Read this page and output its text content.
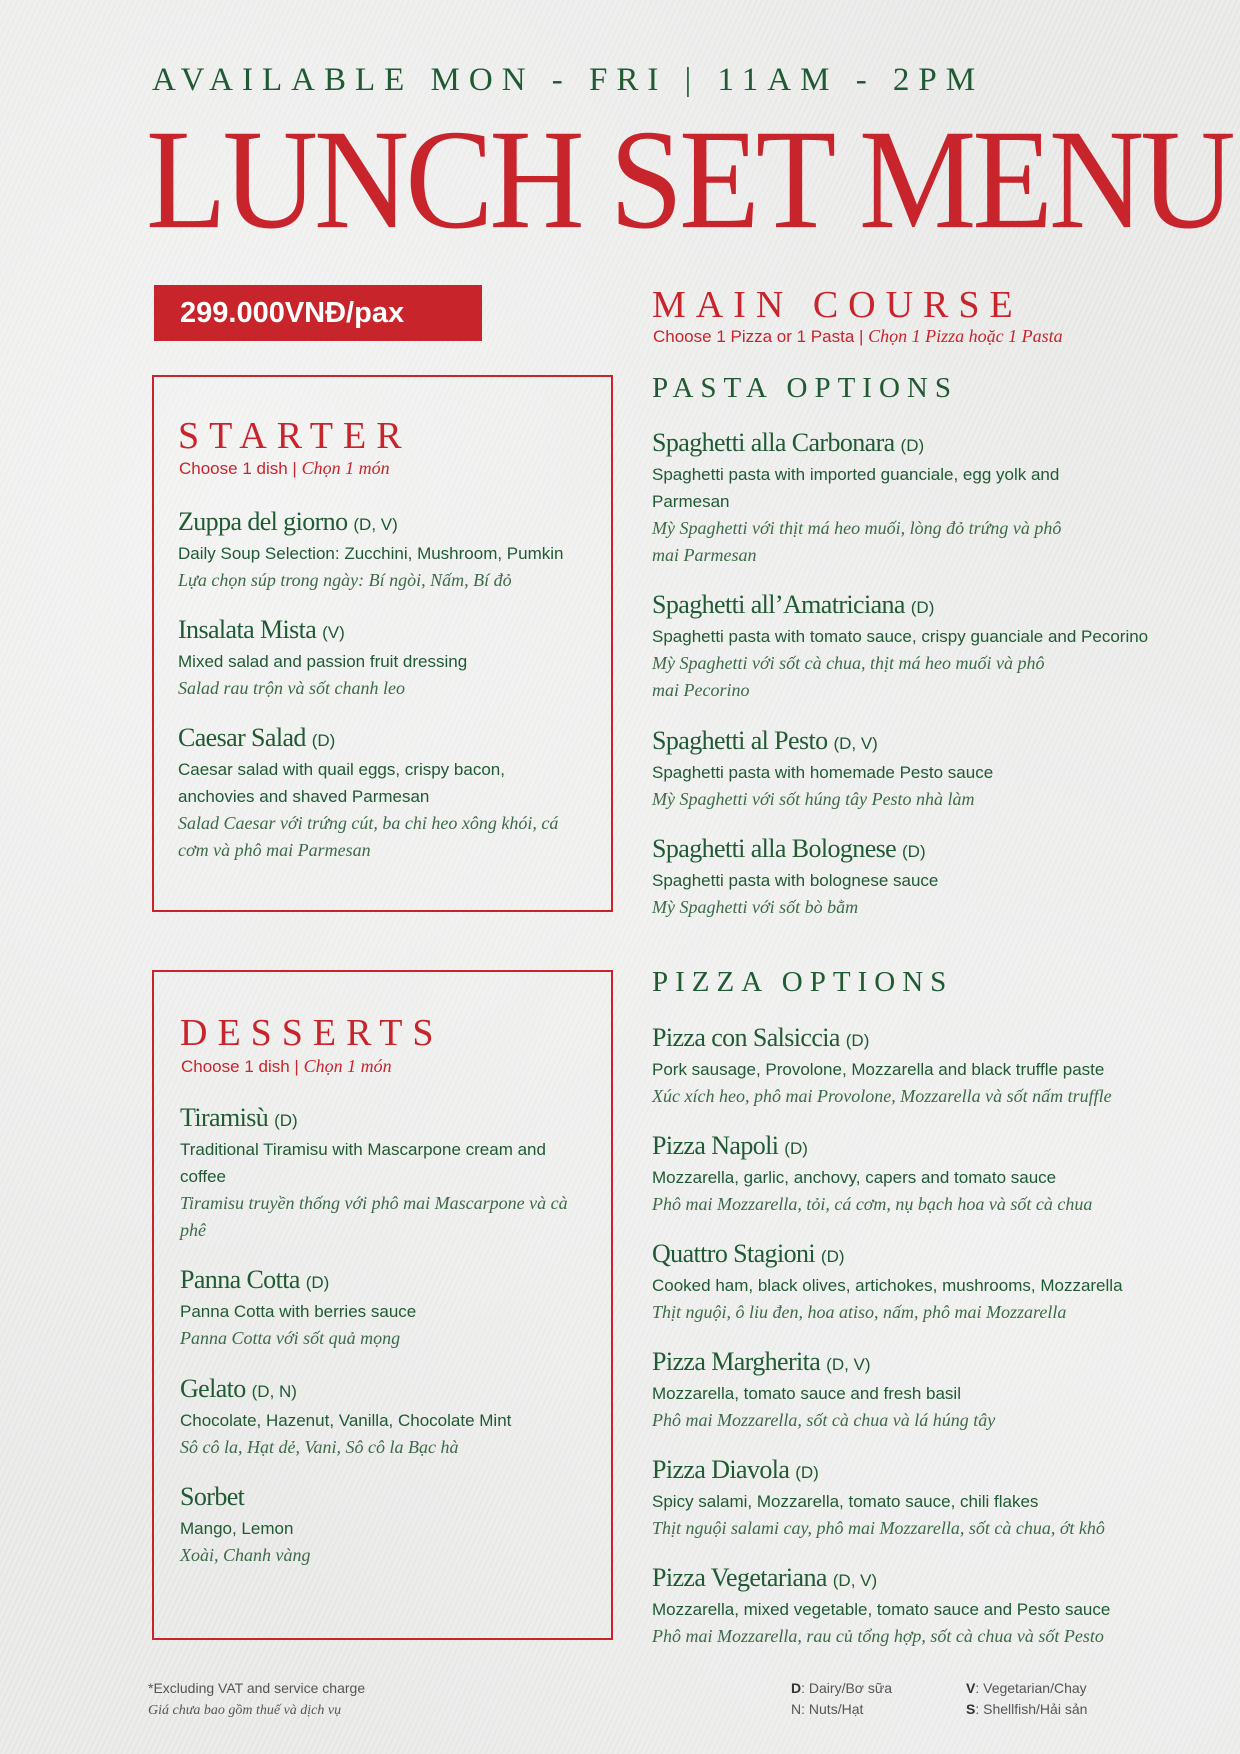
AVAILABLE MON - FRI | 11AM - 2PM
LUNCH SET MENU
299.000VNĐ/pax
STARTER
Choose 1 dish | Chọn 1 món
Zuppa del giorno (D, V)
Daily Soup Selection: Zucchini, Mushroom, Pumkin
Lựa chọn súp trong ngày: Bí ngòi, Nấm, Bí đỏ
Insalata Mista (V)
Mixed salad and passion fruit dressing
Salad rau trộn và sốt chanh leo
Caesar Salad (D)
Caesar salad with quail eggs, crispy bacon, anchovies and shaved Parmesan
Salad Caesar với trứng cút, ba chỉ heo xông khói, cá cơm và phô mai Parmesan
DESSERTS
Choose 1 dish | Chọn 1 món
Tiramisù (D)
Traditional Tiramisu with Mascarpone cream and coffee
Tiramisu truyền thống với phô mai Mascarpone và cà phê
Panna Cotta (D)
Panna Cotta with berries sauce
Panna Cotta với sốt quả mọng
Gelato (D, N)
Chocolate, Hazenut, Vanilla, Chocolate Mint
Sô cô la, Hạt dẻ, Vani, Sô cô la Bạc hà
Sorbet
Mango, Lemon
Xoài, Chanh vàng
MAIN COURSE
Choose 1 Pizza or 1 Pasta | Chọn 1 Pizza hoặc 1 Pasta
PASTA OPTIONS
Spaghetti alla Carbonara (D)
Spaghetti pasta with imported guanciale, egg yolk and Parmesan
Mỳ Spaghetti với thịt má heo muối, lòng đỏ trứng và phô mai Parmesan
Spaghetti all’Amatriciana (D)
Spaghetti pasta with tomato sauce, crispy guanciale and Pecorino
Mỳ Spaghetti với sốt cà chua, thịt má heo muối và phô mai Pecorino
Spaghetti al Pesto (D, V)
Spaghetti pasta with homemade Pesto sauce
Mỳ Spaghetti với sốt húng tây Pesto nhà làm
Spaghetti alla Bolognese (D)
Spaghetti pasta with bolognese sauce
Mỳ Spaghetti với sốt bò bằm
PIZZA OPTIONS
Pizza con Salsiccia (D)
Pork sausage, Provolone, Mozzarella and black truffle paste
Xúc xích heo, phô mai Provolone, Mozzarella và sốt nấm truffle
Pizza Napoli (D)
Mozzarella, garlic, anchovy, capers and tomato sauce
Phô mai Mozzarella, tỏi, cá cơm, nụ bạch hoa và sốt cà chua
Quattro Stagioni (D)
Cooked ham, black olives, artichokes, mushrooms, Mozzarella
Thịt nguội, ô liu đen, hoa atiso, nấm, phô mai Mozzarella
Pizza Margherita (D, V)
Mozzarella, tomato sauce and fresh basil
Phô mai Mozzarella, sốt cà chua và lá húng tây
Pizza Diavola (D)
Spicy salami, Mozzarella, tomato sauce, chili flakes
Thịt nguội salami cay, phô mai Mozzarella, sốt cà chua, ớt khô
Pizza Vegetariana (D, V)
Mozzarella, mixed vegetable, tomato sauce and Pesto sauce
Phô mai Mozzarella, rau củ tổng hợp, sốt cà chua và sốt Pesto
*Excluding VAT and service charge
Giá chưa bao gồm thuế và dịch vụ
D: Dairy/Bơ sữa
N: Nuts/Hạt
V: Vegetarian/Chay
S: Shellfish/Hải sản
